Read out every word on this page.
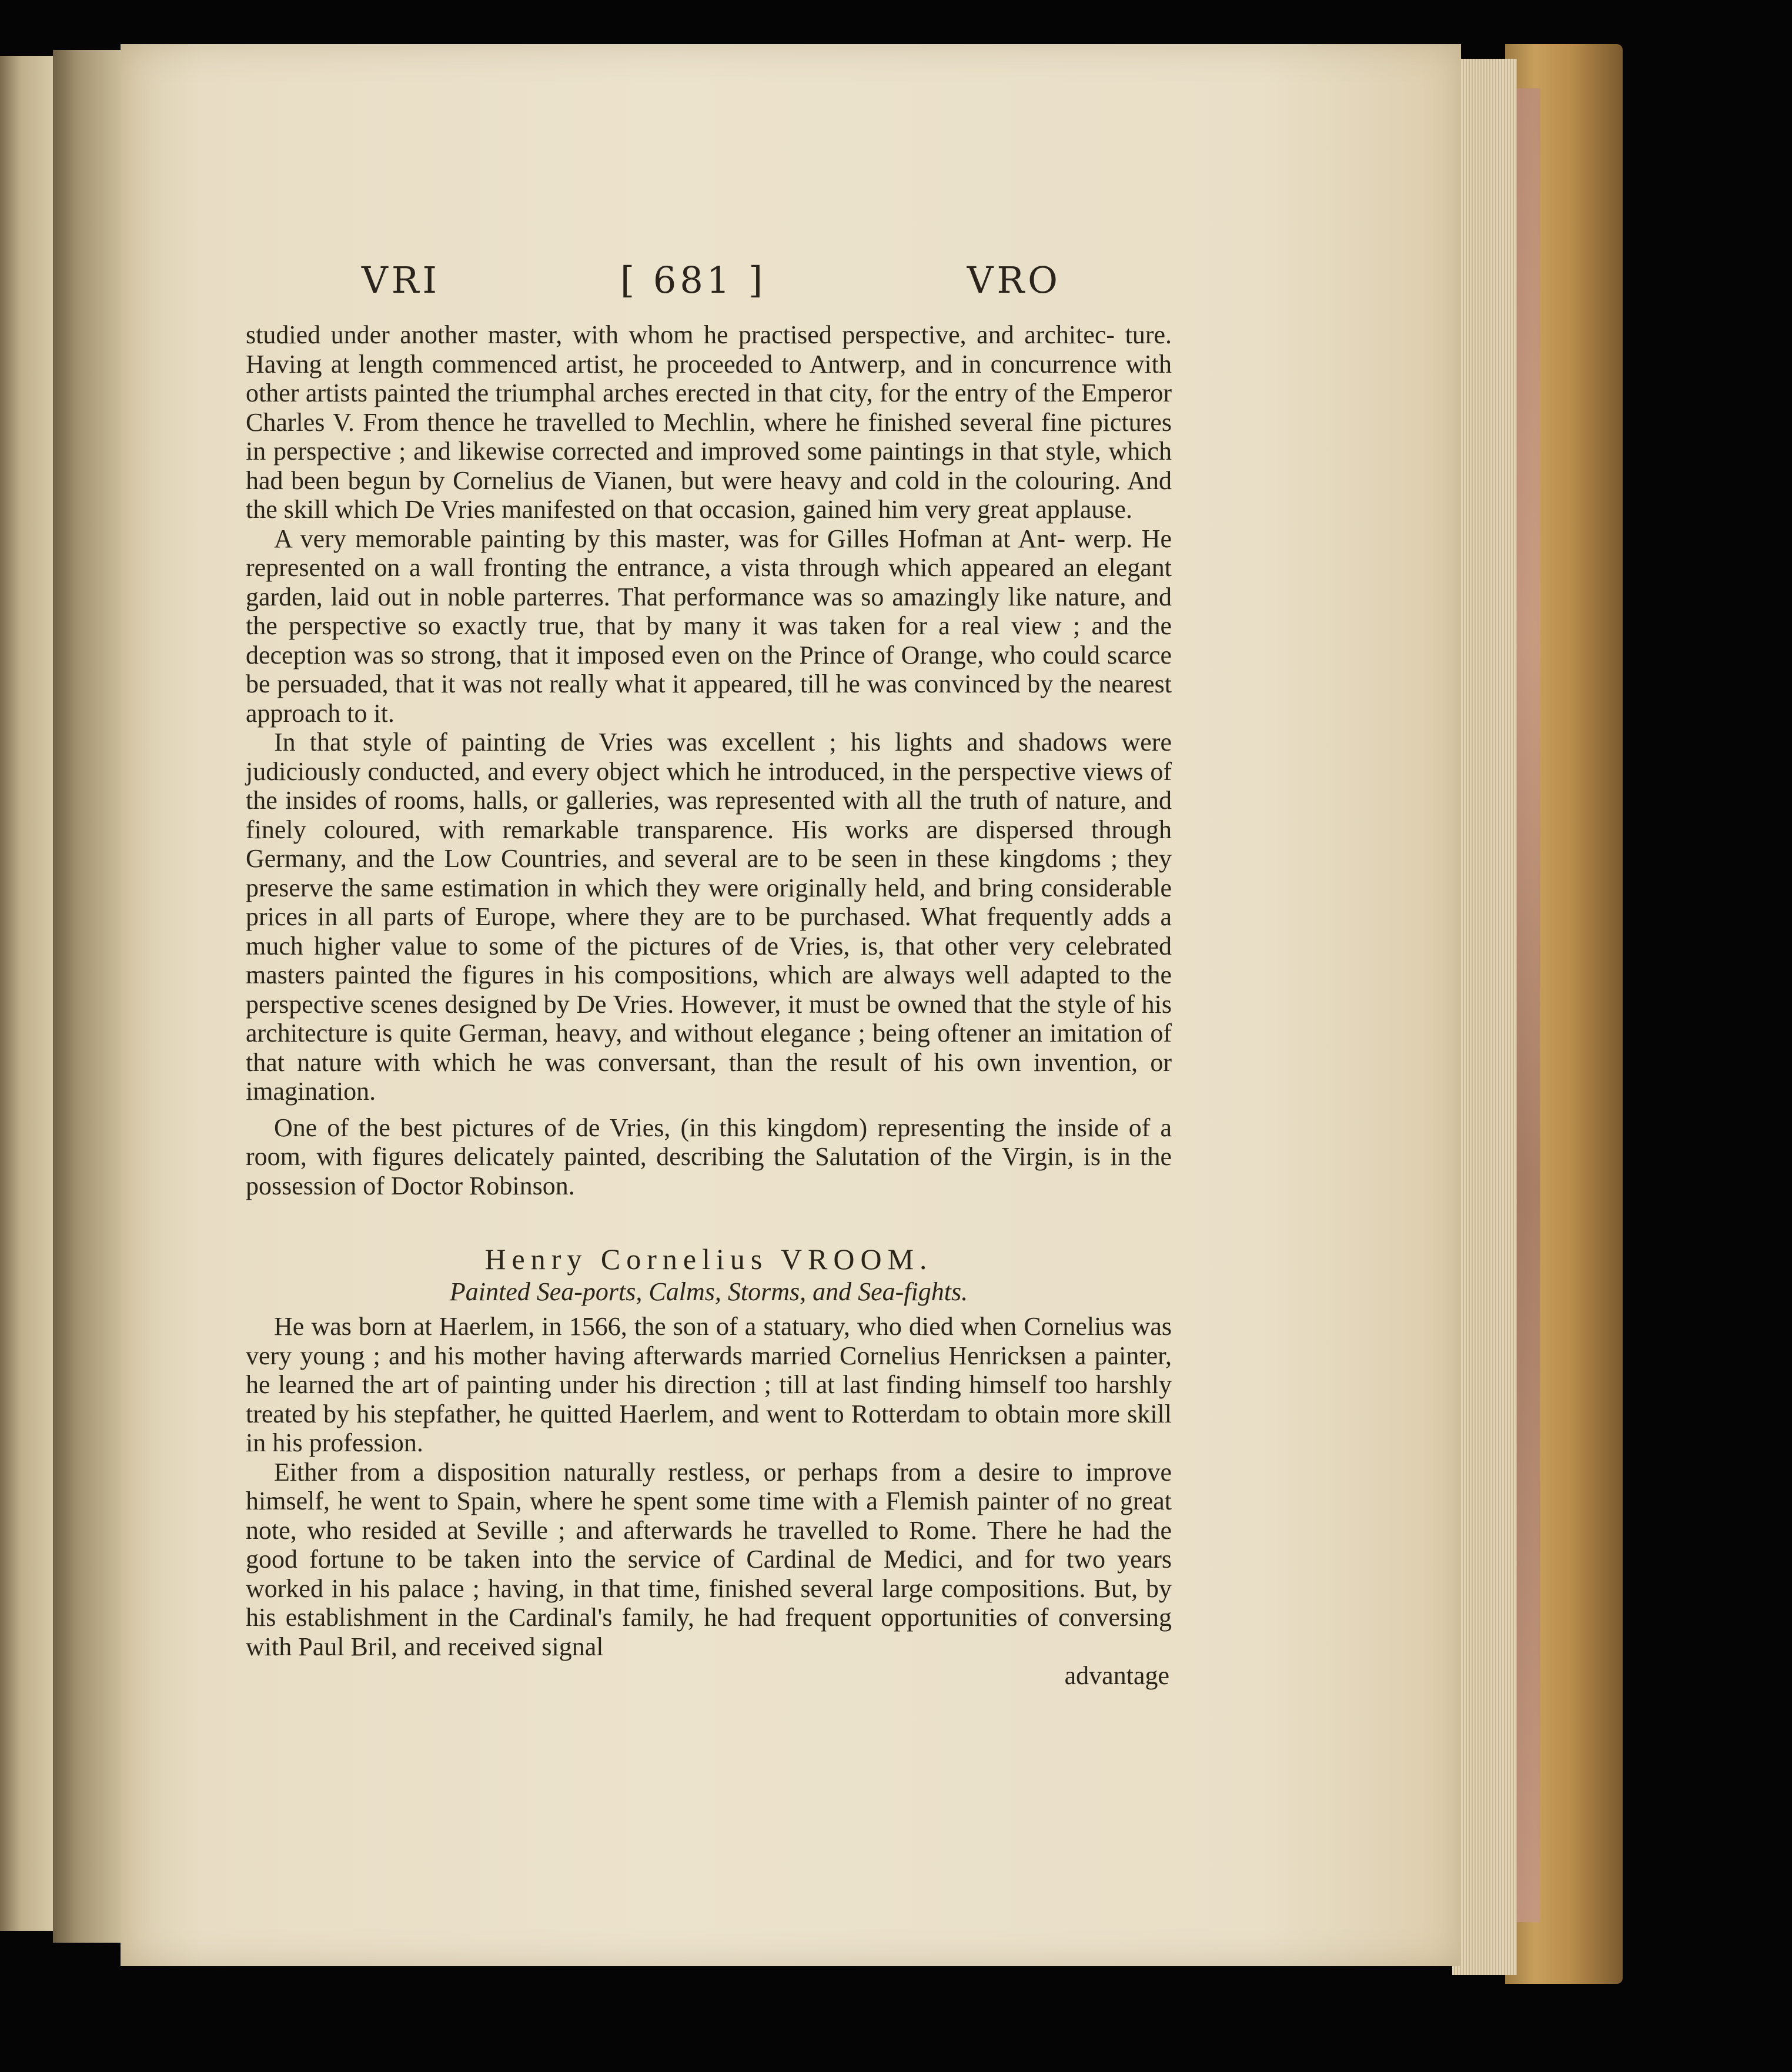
VRI	[ 681 ]	VRO

studied under another master, with whom he practised perspective, and architec- ture. Having at length commenced artist, he proceeded to Antwerp, and in concurrence with other artists painted the triumphal arches erected in that city, for the entry of the Emperor Charles V. From thence he travelled to Mechlin, where he finished several fine pictures in perspective ; and likewise corrected and improved some paintings in that style, which had been begun by Cornelius de Vianen, but were heavy and cold in the colouring. And the skill which De Vries manifested on that occasion, gained him very great applause.

A very memorable painting by this master, was for Gilles Hofman at Ant- werp. He represented on a wall fronting the entrance, a vista through which appeared an elegant garden, laid out in noble parterres. That performance was so amazingly like nature, and the perspective so exactly true, that by many it was taken for a real view ; and the deception was so strong, that it imposed even on the Prince of Orange, who could scarce be persuaded, that it was not really what it appeared, till he was convinced by the nearest approach to it.

In that style of painting de Vries was excellent ; his lights and shadows were judiciously conducted, and every object which he introduced, in the perspective views of the insides of rooms, halls, or galleries, was represented with all the truth of nature, and finely coloured, with remarkable transparence. His works are dispersed through Germany, and the Low Countries, and several are to be seen in these kingdoms ; they preserve the same estimation in which they were originally held, and bring considerable prices in all parts of Europe, where they are to be purchased. What frequently adds a much higher value to some of the pictures of de Vries, is, that other very celebrated masters painted the figures in his compositions, which are always well adapted to the perspective scenes designed by De Vries. However, it must be owned that the style of his architecture is quite German, heavy, and without elegance ; being oftener an imitation of that nature with which he was conversant, than the result of his own invention, or imagination.

One of the best pictures of de Vries, (in this kingdom) representing the inside of a room, with figures delicately painted, describing the Salutation of the Virgin, is in the possession of Doctor Robinson.

Henry Cornelius VROOM.
Painted Sea-ports, Calms, Storms, and Sea-fights.

He was born at Haerlem, in 1566, the son of a statuary, who died when Cornelius was very young ; and his mother having afterwards married Cornelius Henricksen a painter, he learned the art of painting under his direction ; till at last finding himself too harshly treated by his stepfather, he quitted Haerlem, and went to Rotterdam to obtain more skill in his profession.

Either from a disposition naturally restless, or perhaps from a desire to improve himself, he went to Spain, where he spent some time with a Flemish painter of no great note, who resided at Seville ; and afterwards he travelled to Rome. There he had the good fortune to be taken into the service of Cardinal de Medici, and for two years worked in his palace ; having, in that time, finished several large compositions. But, by his establishment in the Cardinal's family, he had frequent opportunities of conversing with Paul Bril, and received signal

advantage
